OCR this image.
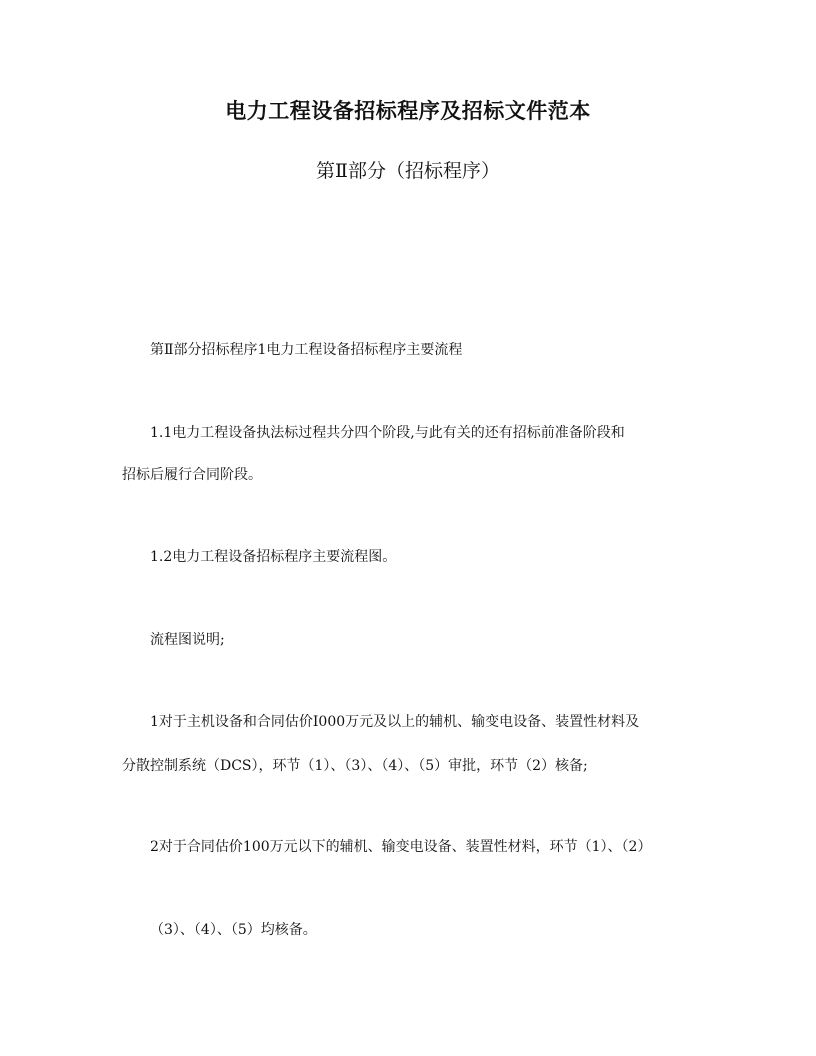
电力工程设备招标程序及招标文件范本
第Ⅱ部分（招标程序）
第Ⅱ部分招标程序1电力工程设备招标程序主要流程
1.1电力工程设备执法标过程共分四个阶段,与此有关的还有招标前准备阶段和
招标后履行合同阶段。
1.2电力工程设备招标程序主要流程图。
流程图说明;
1对于主机设备和合同估价I000万元及以上的辅机、输变电设备、装置性材料及
分散控制系统（DCS），环节（1）、（3）、（4）、（5）审批，环节（2）核备;
2对于合同估价100万元以下的辅机、输变电设备、装置性材料，环节（1）、（2）
（3）、（4）、（5）均核备。
